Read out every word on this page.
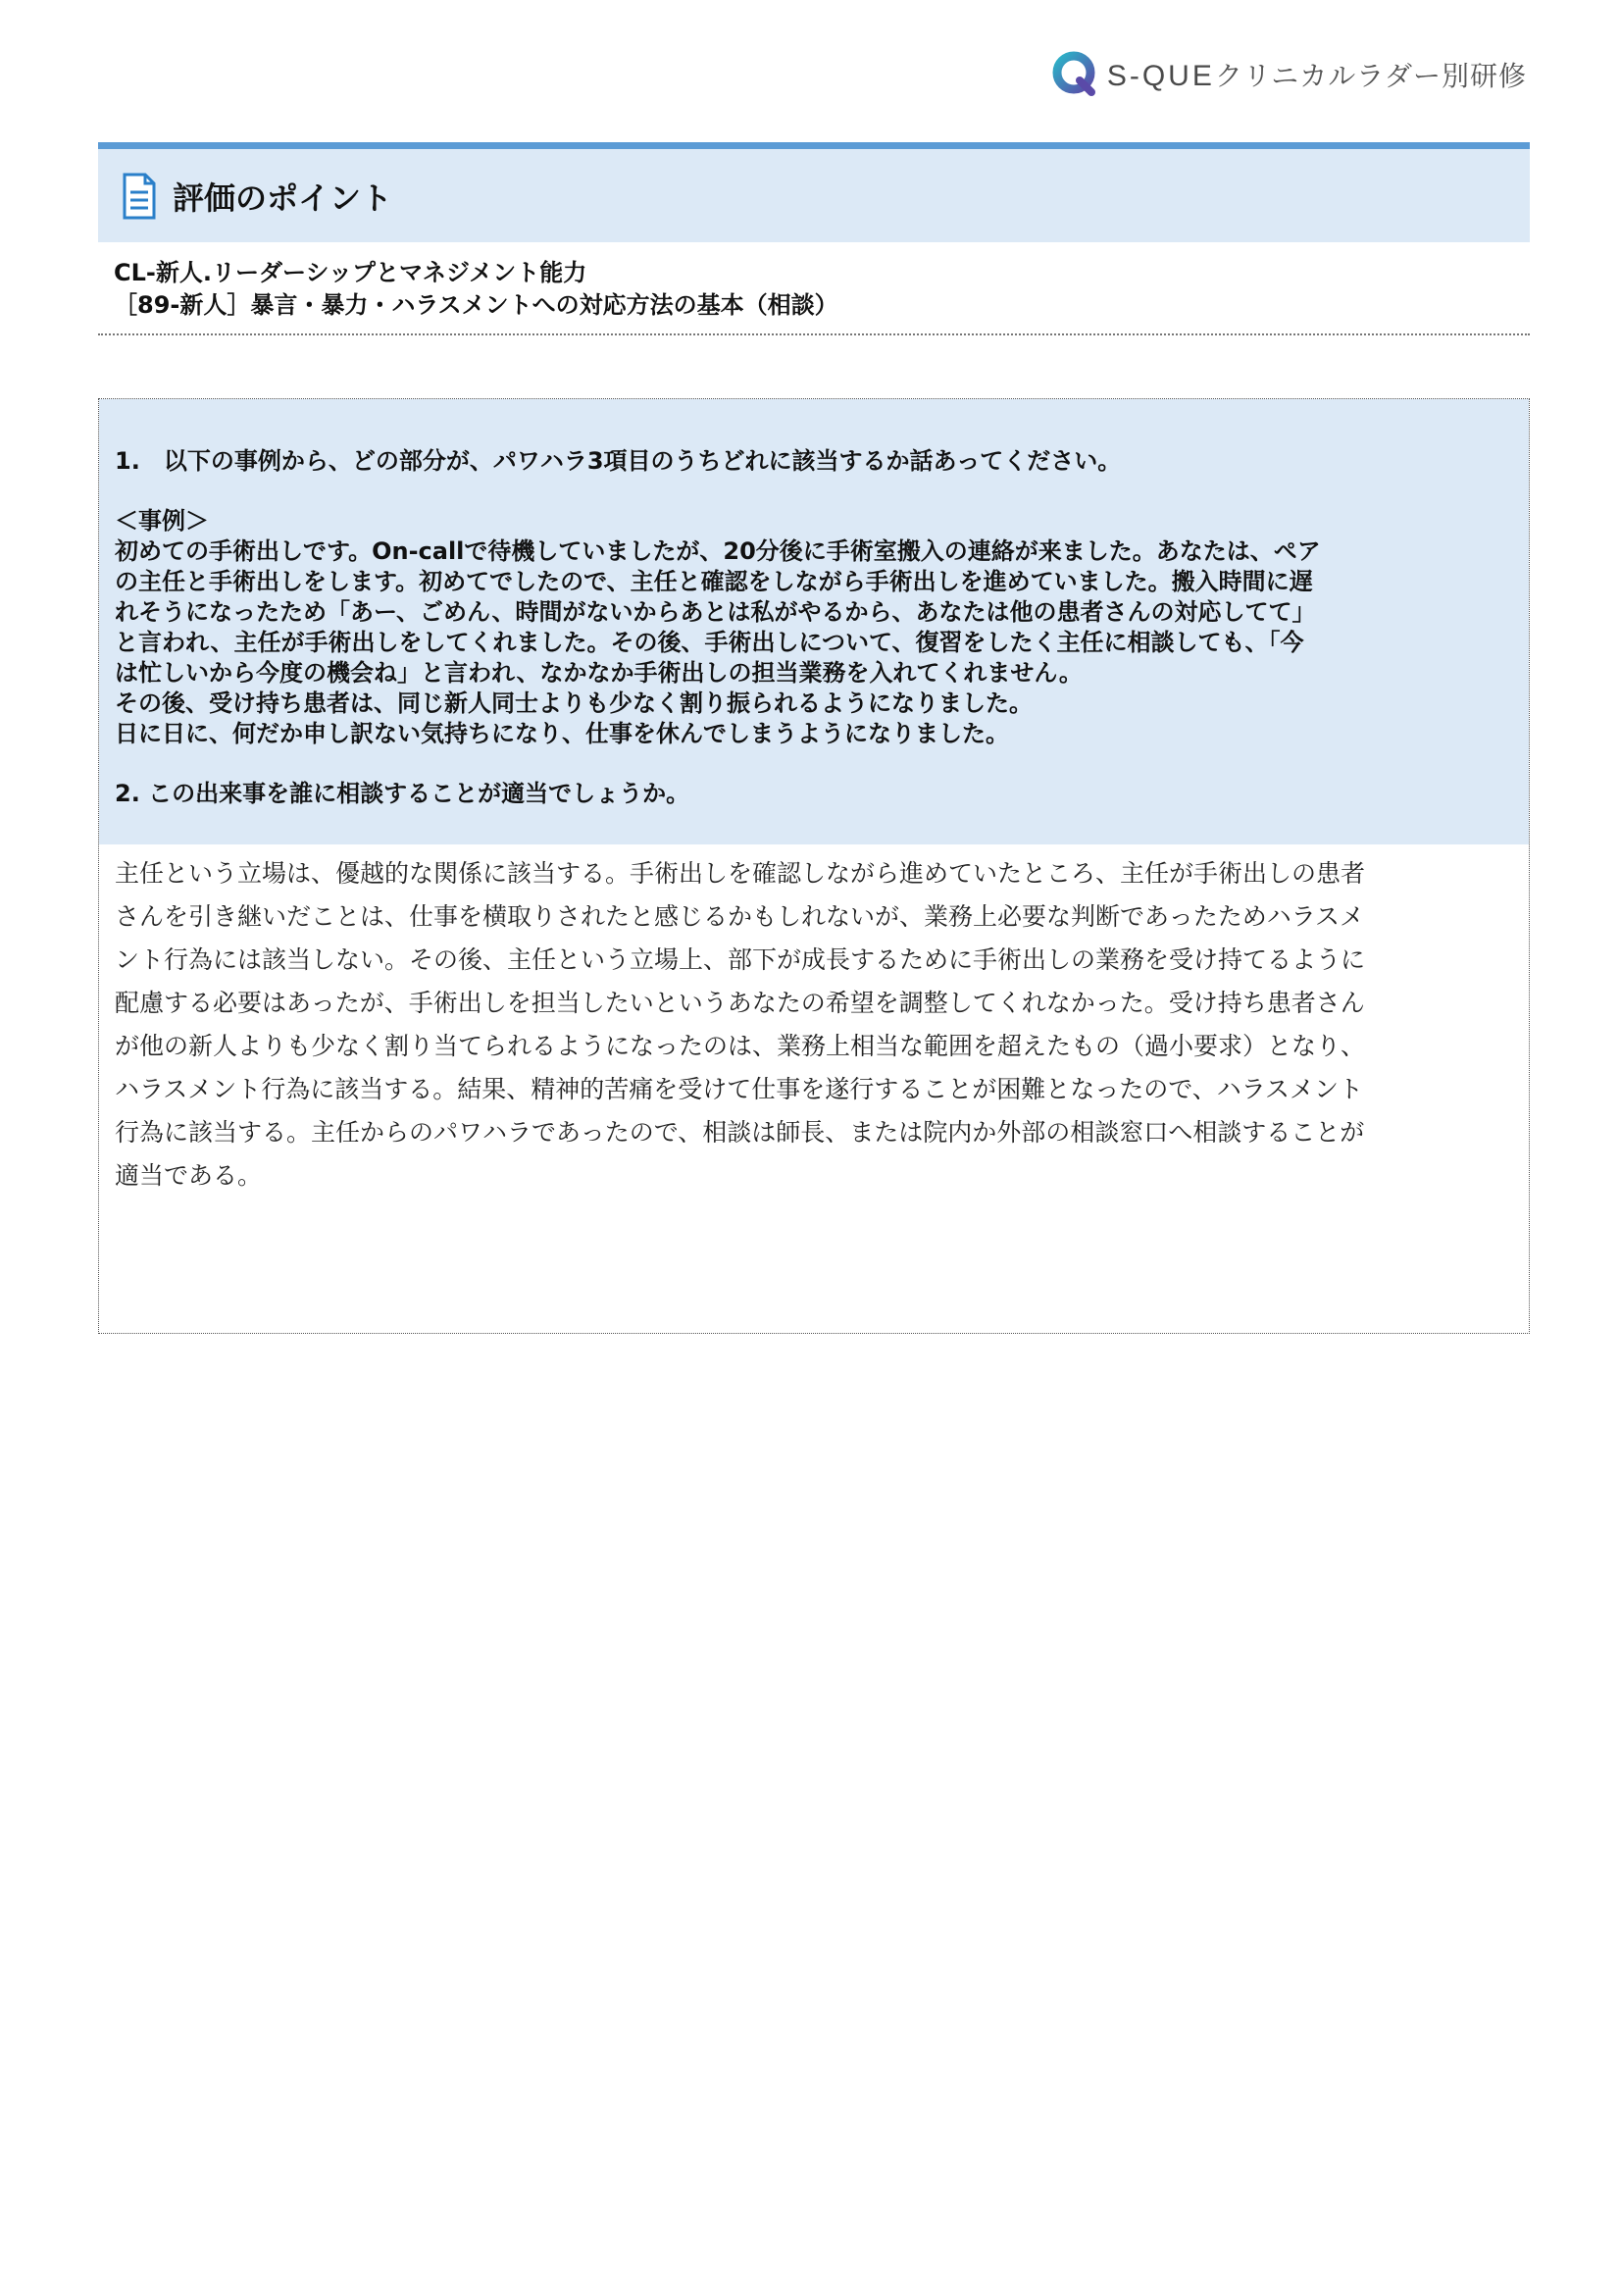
S-QUEクリニカルラダー別研修
評価のポイント
CL-新人.リーダーシップとマネジメント能力
［89-新人］暴言・暴力・ハラスメントへの対応方法の基本（相談）

1.　以下の事例から、どの部分が、パワハラ3項目のうちどれに該当するか話あってください。

＜事例＞

初めての手術出しです。On-callで待機していましたが、20分後に手術室搬入の連絡が来ました。あなたは、ペア

の主任と手術出しをします。初めてでしたので、主任と確認をしながら手術出しを進めていました。搬入時間に遅

れそうになったため「あー、ごめん、時間がないからあとは私がやるから、あなたは他の患者さんの対応してて」

と言われ、主任が手術出しをしてくれました。その後、手術出しについて、復習をしたく主任に相談しても、「今

は忙しいから今度の機会ね」と言われ、なかなか手術出しの担当業務を入れてくれません。

その後、受け持ち患者は、同じ新人同士よりも少なく割り振られるようになりました。

日に日に、何だか申し訳ない気持ちになり、仕事を休んでしまうようになりました。

2. この出来事を誰に相談することが適当でしょうか。

主任という立場は、優越的な関係に該当する。手術出しを確認しながら進めていたところ、主任が手術出しの患者
さんを引き継いだことは、仕事を横取りされたと感じるかもしれないが、業務上必要な判断であったためハラスメ
ント行為には該当しない。その後、主任という立場上、部下が成長するために手術出しの業務を受け持てるように
配慮する必要はあったが、手術出しを担当したいというあなたの希望を調整してくれなかった。受け持ち患者さん
が他の新人よりも少なく割り当てられるようになったのは、業務上相当な範囲を超えたもの（過小要求）となり、
ハラスメント行為に該当する。結果、精神的苦痛を受けて仕事を遂行することが困難となったので、ハラスメント
行為に該当する。主任からのパワハラであったので、相談は師長、または院内か外部の相談窓口へ相談することが
適当である。
